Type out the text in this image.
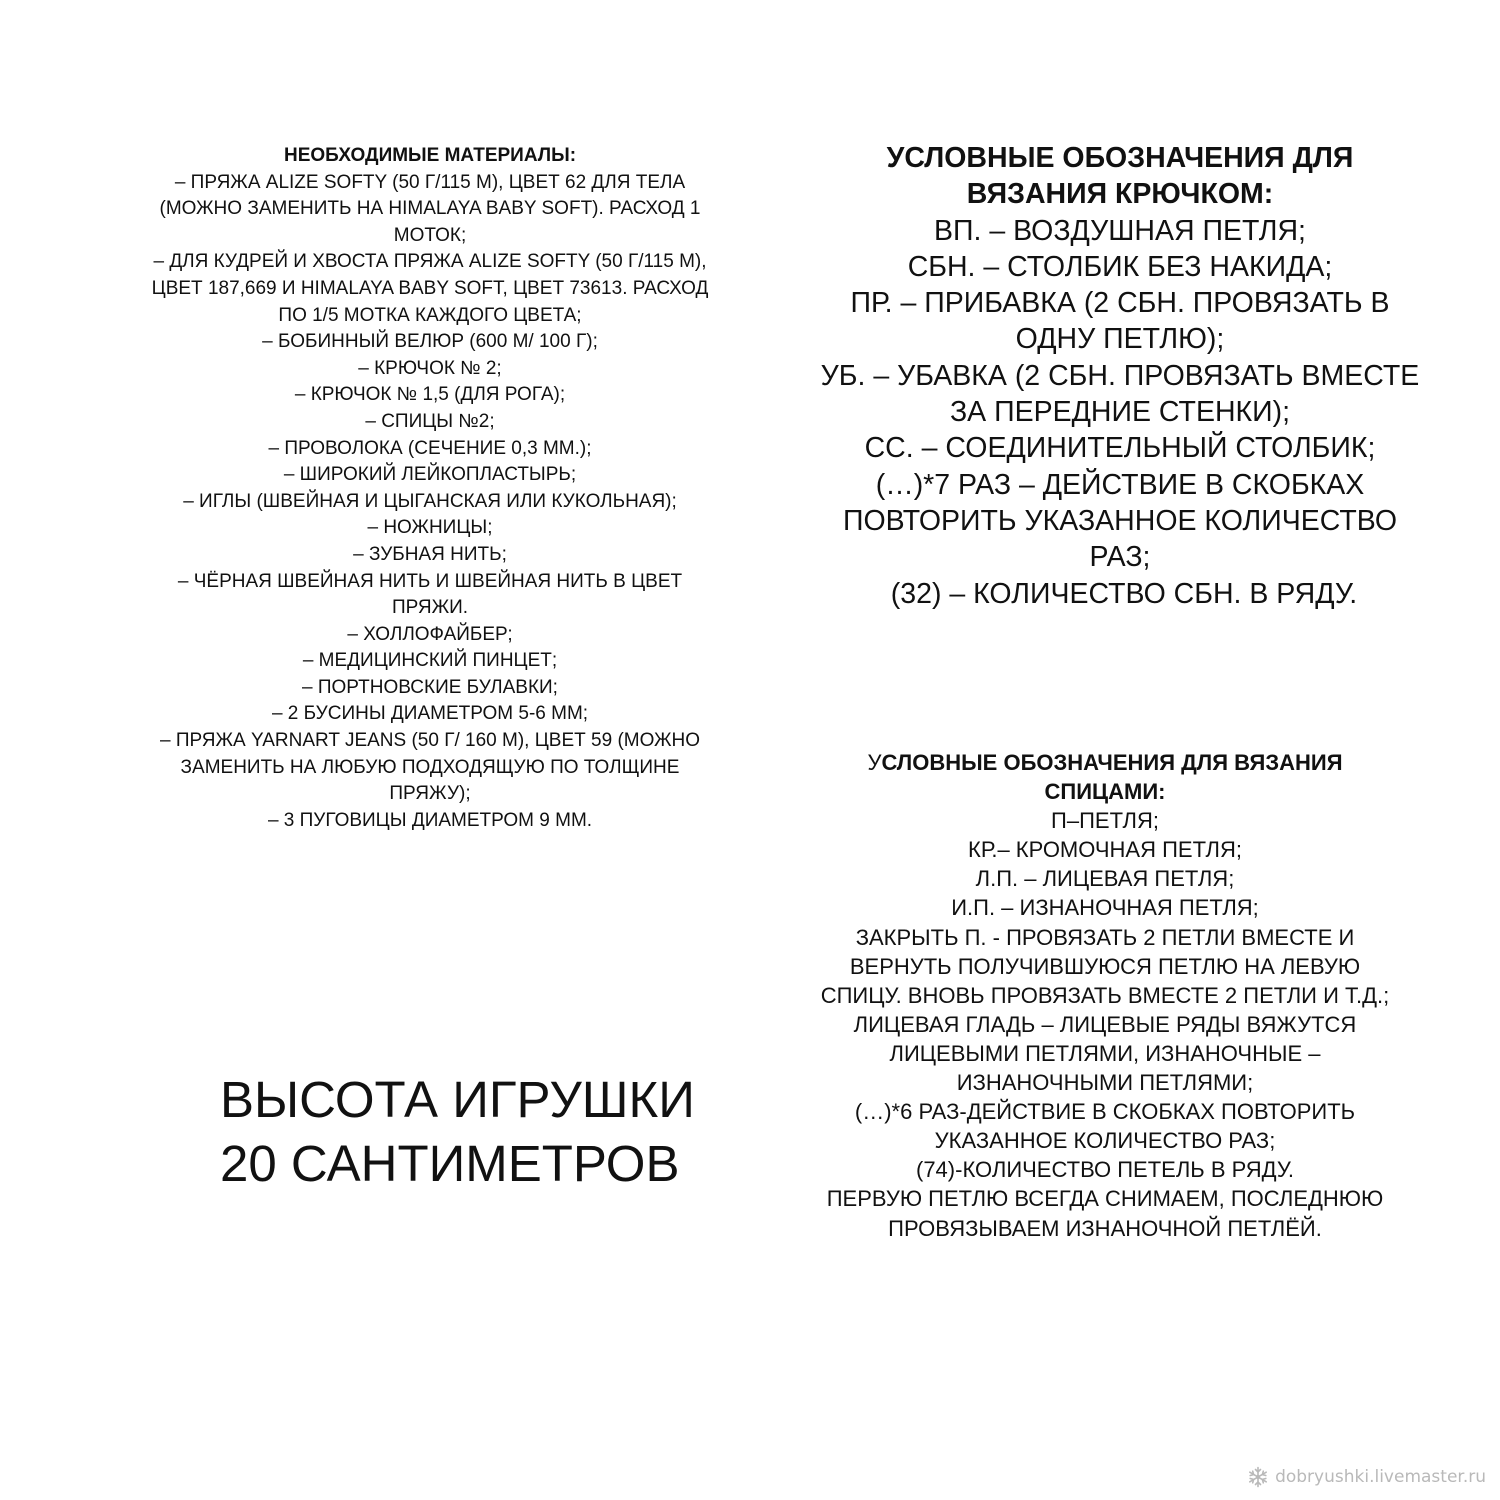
НЕОБХОДИМЫЕ МАТЕРИАЛЫ:
– ПРЯЖА ALIZE SOFTY (50 Г/115 М), ЦВЕТ 62 ДЛЯ ТЕЛА
(МОЖНО ЗАМЕНИТЬ НА HIMALAYA BABY SOFT). РАСХОД 1
МОТОК;
– ДЛЯ КУДРЕЙ И ХВОСТА ПРЯЖА ALIZE SOFTY (50 Г/115 М),
ЦВЕТ 187,669 И HIMALAYA BABY SOFT, ЦВЕТ 73613. РАСХОД
ПО 1/5 МОТКА КАЖДОГО ЦВЕТА;
– БОБИННЫЙ ВЕЛЮР (600 М/ 100 Г);
– КРЮЧОК № 2;
– КРЮЧОК № 1,5 (ДЛЯ РОГА);
– СПИЦЫ №2;
– ПРОВОЛОКА (СЕЧЕНИЕ 0,3 ММ.);
– ШИРОКИЙ ЛЕЙКОПЛАСТЫРЬ;
– ИГЛЫ (ШВЕЙНАЯ И ЦЫГАНСКАЯ ИЛИ КУКОЛЬНАЯ);
– НОЖНИЦЫ;
– ЗУБНАЯ НИТЬ;
– ЧЁРНАЯ ШВЕЙНАЯ НИТЬ И ШВЕЙНАЯ НИТЬ В ЦВЕТ
ПРЯЖИ.
– ХОЛЛОФАЙБЕР;
– МЕДИЦИНСКИЙ ПИНЦЕТ;
– ПОРТНОВСКИЕ БУЛАВКИ;
– 2 БУСИНЫ ДИАМЕТРОМ 5-6 ММ;
– ПРЯЖА YARNART JEANS (50 Г/ 160 М), ЦВЕТ 59 (МОЖНО
ЗАМЕНИТЬ НА ЛЮБУЮ ПОДХОДЯЩУЮ ПО ТОЛЩИНЕ
ПРЯЖУ);
– 3 ПУГОВИЦЫ ДИАМЕТРОМ 9 ММ.
УСЛОВНЫЕ ОБОЗНАЧЕНИЯ ДЛЯ
ВЯЗАНИЯ КРЮЧКОМ:
ВП. – ВОЗДУШНАЯ ПЕТЛЯ;
СБН. – СТОЛБИК БЕЗ НАКИДА;
ПР. – ПРИБАВКА (2 СБН. ПРОВЯЗАТЬ В
ОДНУ ПЕТЛЮ);
УБ. – УБАВКА (2 СБН. ПРОВЯЗАТЬ ВМЕСТЕ
ЗА ПЕРЕДНИЕ СТЕНКИ);
СС. – СОЕДИНИТЕЛЬНЫЙ СТОЛБИК;
(…)*7 РАЗ – ДЕЙСТВИЕ В СКОБКАХ
ПОВТОРИТЬ УКАЗАННОЕ КОЛИЧЕСТВО
РАЗ;
(32) – КОЛИЧЕСТВО СБН. В РЯДУ.
УСЛОВНЫЕ ОБОЗНАЧЕНИЯ ДЛЯ ВЯЗАНИЯ
СПИЦАМИ:
П–ПЕТЛЯ;
КР.– КРОМОЧНАЯ ПЕТЛЯ;
Л.П. – ЛИЦЕВАЯ ПЕТЛЯ;
И.П. – ИЗНАНОЧНАЯ ПЕТЛЯ;
ЗАКРЫТЬ П. - ПРОВЯЗАТЬ 2 ПЕТЛИ ВМЕСТЕ И
ВЕРНУТЬ ПОЛУЧИВШУЮСЯ ПЕТЛЮ НА ЛЕВУЮ
СПИЦУ. ВНОВЬ ПРОВЯЗАТЬ ВМЕСТЕ 2 ПЕТЛИ И Т.Д.;
ЛИЦЕВАЯ ГЛАДЬ – ЛИЦЕВЫЕ РЯДЫ ВЯЖУТСЯ
ЛИЦЕВЫМИ ПЕТЛЯМИ, ИЗНАНОЧНЫЕ –
ИЗНАНОЧНЫМИ ПЕТЛЯМИ;
(…)*6 РАЗ-ДЕЙСТВИЕ В СКОБКАХ ПОВТОРИТЬ
УКАЗАННОЕ КОЛИЧЕСТВО РАЗ;
(74)-КОЛИЧЕСТВО ПЕТЕЛЬ В РЯДУ.
ПЕРВУЮ ПЕТЛЮ ВСЕГДА СНИМАЕМ, ПОСЛЕДНЮЮ
ПРОВЯЗЫВАЕМ ИЗНАНОЧНОЙ ПЕТЛЁЙ.
ВЫСОТА ИГРУШКИ
20 САНТИМЕТРОВ
dobryushki.livemaster.ru
